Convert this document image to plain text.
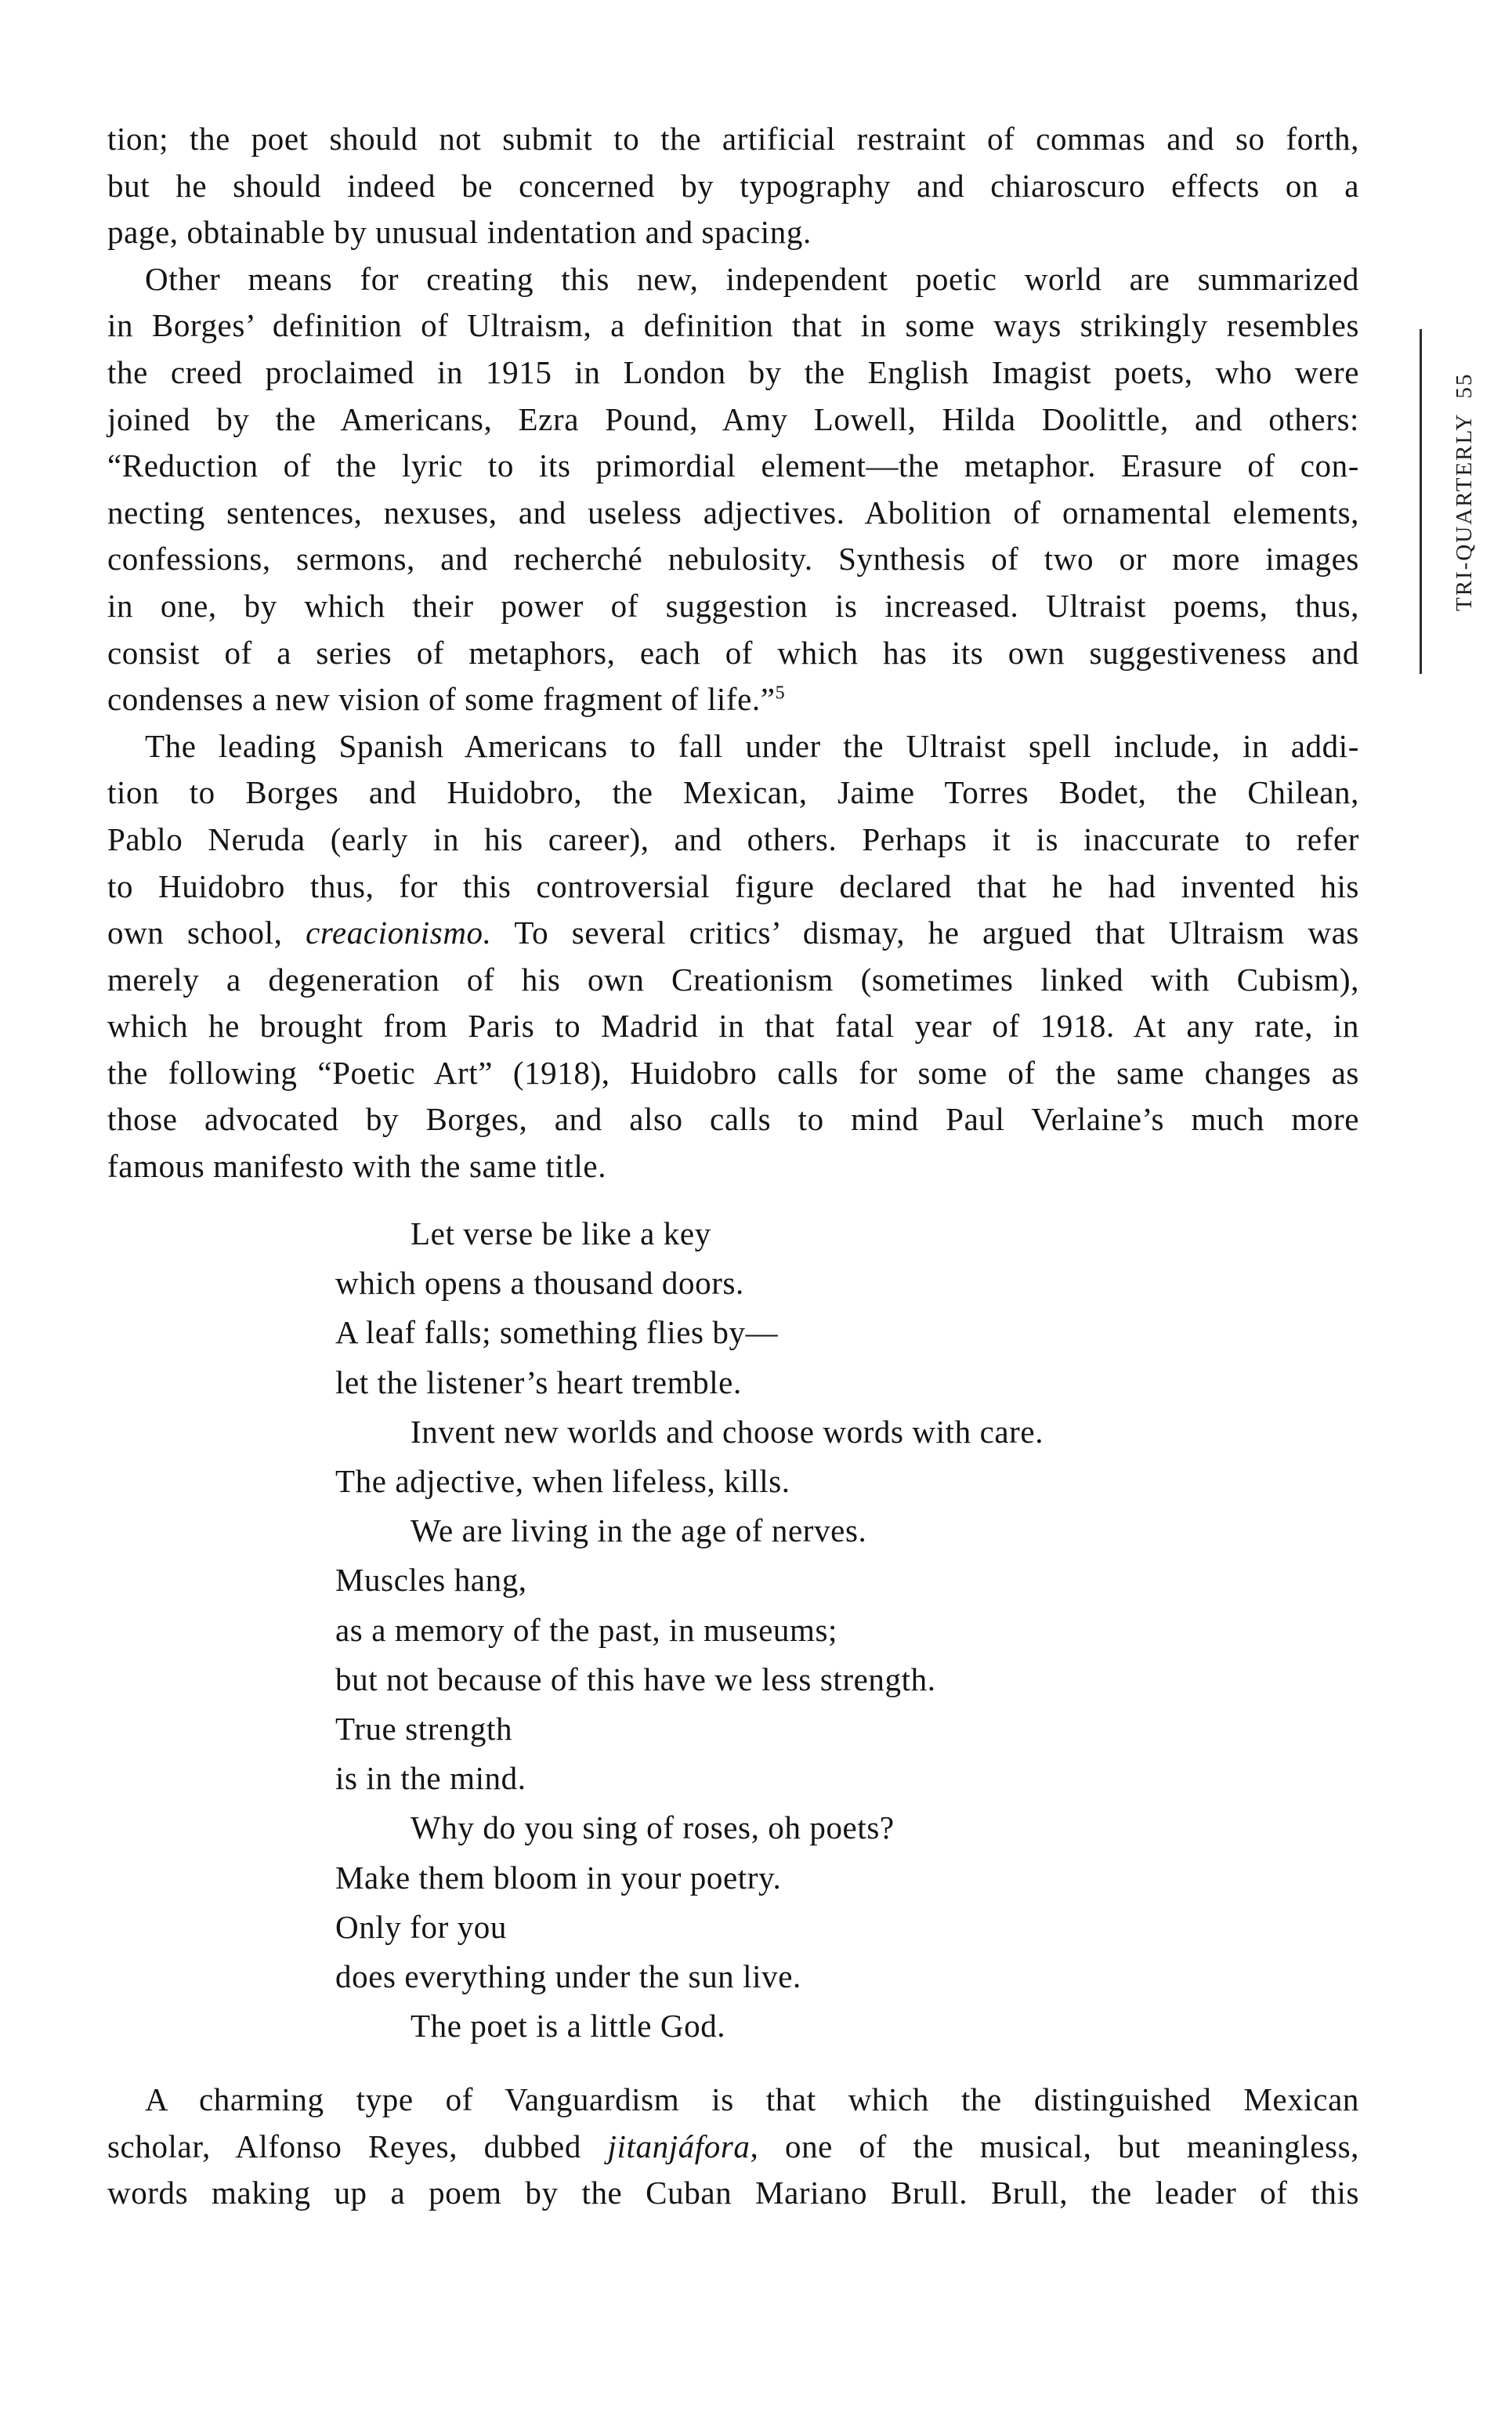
tion; the poet should not submit to the artificial restraint of commas and so forth,
but he should indeed be concerned by typography and chiaroscuro effects on a
page, obtainable by unusual indentation and spacing.
Other means for creating this new, independent poetic world are summarized
in Borges’ definition of Ultraism, a definition that in some ways strikingly resembles
the creed proclaimed in 1915 in London by the English Imagist poets, who were
joined by the Americans, Ezra Pound, Amy Lowell, Hilda Doolittle, and others:
“Reduction of the lyric to its primordial element—the metaphor. Erasure of con-
necting sentences, nexuses, and useless adjectives. Abolition of ornamental elements,
confessions, sermons, and recherché nebulosity. Synthesis of two or more images
in one, by which their power of suggestion is increased. Ultraist poems, thus,
consist of a series of metaphors, each of which has its own suggestiveness and
condenses a new vision of some fragment of life.”$^5$
The leading Spanish Americans to fall under the Ultraist spell include, in addi-
tion to Borges and Huidobro, the Mexican, Jaime Torres Bodet, the Chilean,
Pablo Neruda (early in his career), and others. Perhaps it is inaccurate to refer
to Huidobro thus, for this controversial figure declared that he had invented his
own school, creacionismo. To several critics’ dismay, he argued that Ultraism was
merely a degeneration of his own Creationism (sometimes linked with Cubism),
which he brought from Paris to Madrid in that fatal year of 1918. At any rate, in
the following “Poetic Art” (1918), Huidobro calls for some of the same changes as
those advocated by Borges, and also calls to mind Paul Verlaine’s much more
famous manifesto with the same title.
Let verse be like a key
which opens a thousand doors.
A leaf falls; something flies by—
let the listener’s heart tremble.
Invent new worlds and choose words with care.
The adjective, when lifeless, kills.
We are living in the age of nerves.
Muscles hang,
as a memory of the past, in museums;
but not because of this have we less strength.
True strength
is in the mind.
Why do you sing of roses, oh poets?
Make them bloom in your poetry.
Only for you
does everything under the sun live.
The poet is a little God.
A charming type of Vanguardism is that which the distinguished Mexican
scholar, Alfonso Reyes, dubbed jitanjáfora, one of the musical, but meaningless,
words making up a poem by the Cuban Mariano Brull. Brull, the leader of this
TRI-QUARTERLY55
